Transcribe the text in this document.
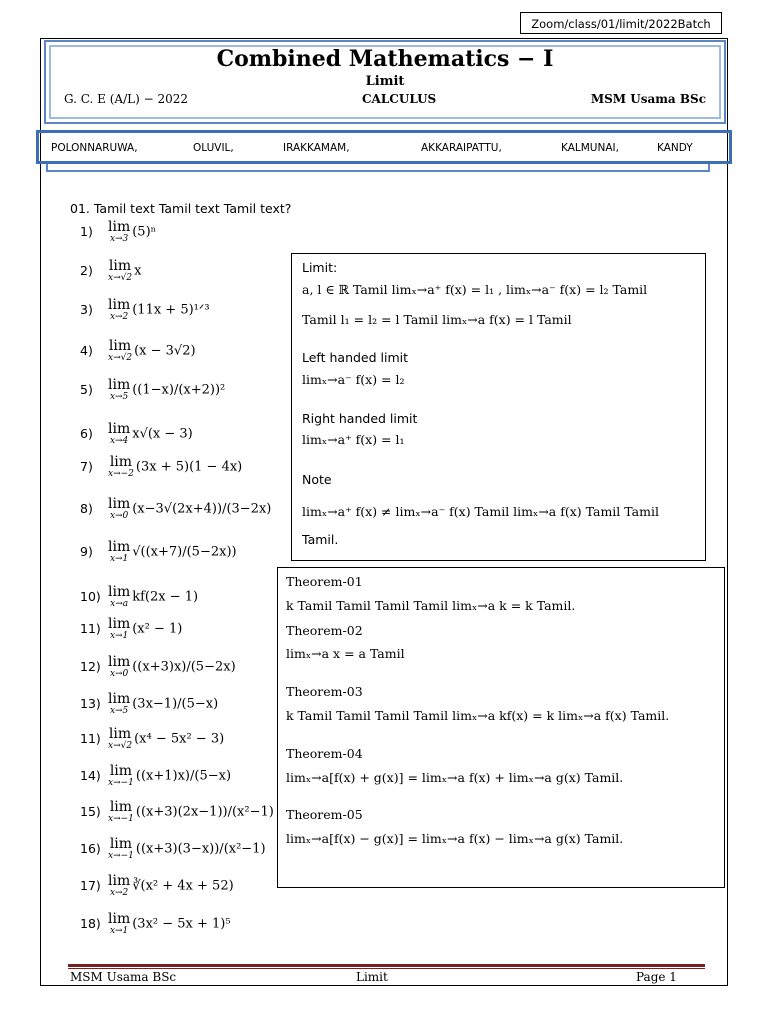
Zoom/class/01/limit/2022Batch
Combined Mathematics − I
Limit
G. C. E (A/L) − 2022	CALCULUS	MSM Usama BSc
POLONNARUWA,	OLUVIL,	IRAKKAMAM,	AKKARAIPATTU,	KALMUNAI,	KANDY
01. Tamil text Tamil text Tamil text?
1) lim
x→3 (5)ⁿ
2) lim
x→√2 x
3) lim
x→2 (11x + 5)¹ᐟ³
4) lim
x→√2 (x − 3√2)
5) lim
x→5 ((1−x)/(x+2))²
6) lim
x→4 x√(x − 3)
7) lim
x→−2 (3x + 5)(1 − 4x)
8) lim
x→0 (x−3√(2x+4))/(3−2x)
9) lim
x→1 √((x+7)/(5−2x))
10) lim
x→a kf(2x − 1)
11) lim
x→1 (x² − 1)
12) lim
x→0 ((x+3)x)/(5−2x)
13) lim
x→5 (3x−1)/(5−x)
11) lim
x→√2 (x⁴ − 5x² − 3)
14) lim
x→−1 ((x+1)x)/(5−x)
15) lim
x→−1 ((x+3)(2x−1))/(x²−1)
16) lim
x→−1 ((x+3)(3−x))/(x²−1)
17) lim
x→2 ∛(x² + 4x + 52)
18) lim
x→1 (3x² − 5x + 1)⁵
Limit:
a, l ∈ ℝ Tamil limₓ→a⁺ f(x) = l₁ , limₓ→a⁻ f(x) = l₂ Tamil
Tamil l₁ = l₂ = l Tamil limₓ→a f(x) = l Tamil
Left handed limit
limₓ→a⁻ f(x) = l₂
Right handed limit
limₓ→a⁺ f(x) = l₁
Note
limₓ→a⁺ f(x) ≠ limₓ→a⁻ f(x) Tamil limₓ→a f(x) Tamil Tamil
Tamil.
Theorem-01
k Tamil Tamil Tamil Tamil limₓ→a k = k Tamil.
Theorem-02
limₓ→a x = a Tamil
Theorem-03
k Tamil Tamil Tamil Tamil limₓ→a kf(x) = k limₓ→a f(x) Tamil.
Theorem-04
limₓ→a[f(x) + g(x)] = limₓ→a f(x) + limₓ→a g(x) Tamil.
Theorem-05
limₓ→a[f(x) − g(x)] = limₓ→a f(x) − limₓ→a g(x) Tamil.
MSM Usama BSc	Limit	Page 1
